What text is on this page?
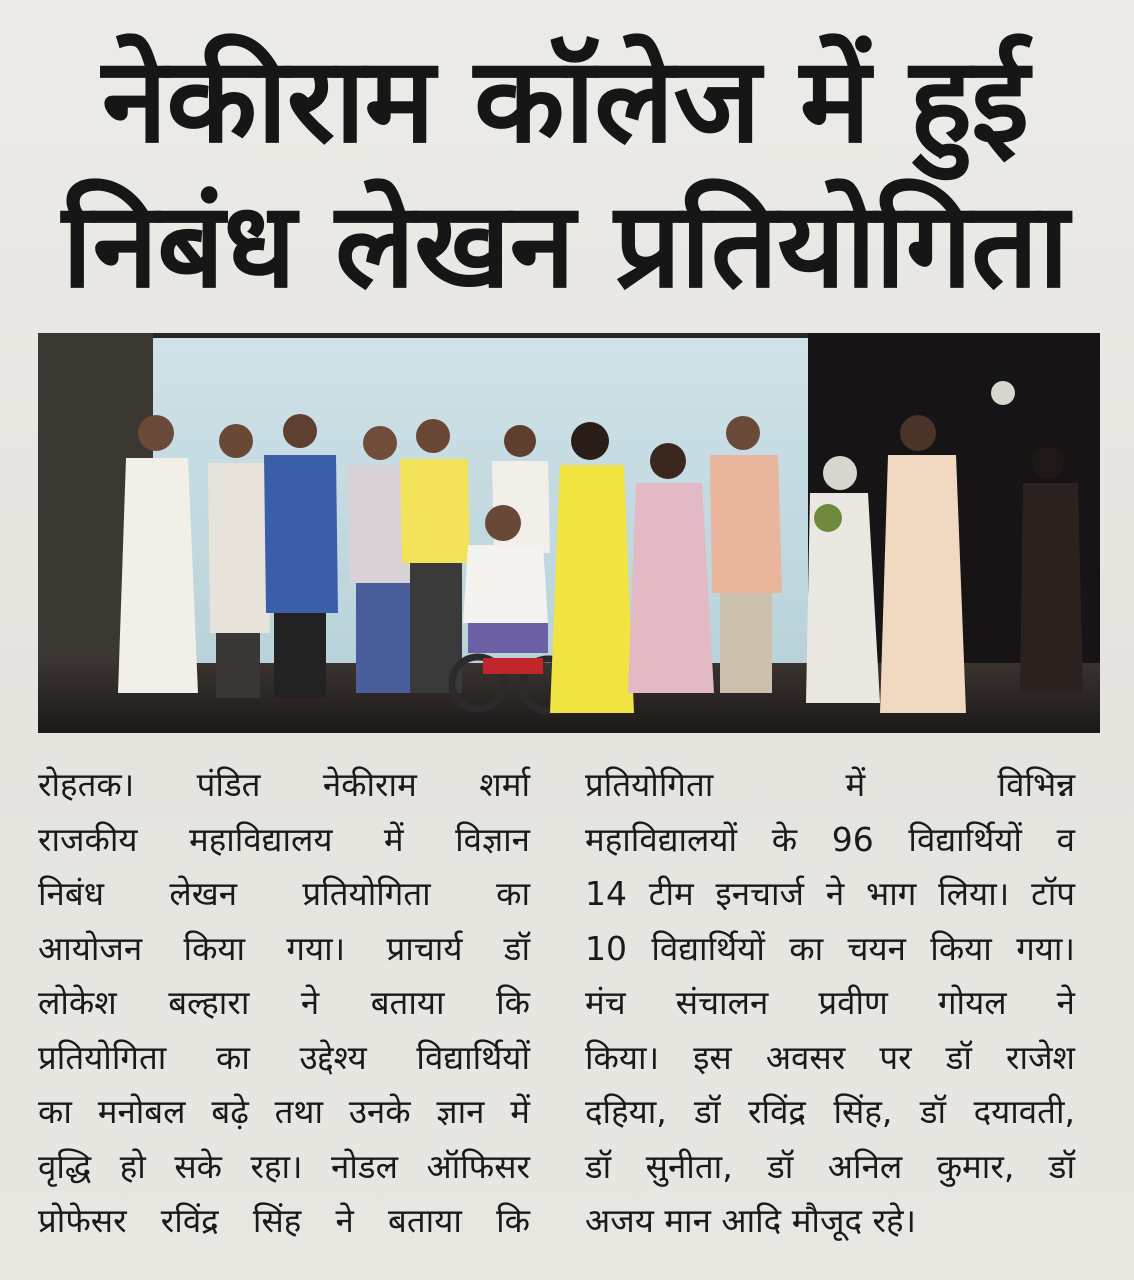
नेकीराम कॉलेज में हुई
निबंध लेखन प्रतियोगिता
रोहतक। पंडित नेकीराम शर्मा
राजकीय महाविद्यालय में विज्ञान
निबंध लेखन प्रतियोगिता का
आयोजन किया गया। प्राचार्य डॉ
लोकेश बल्हारा ने बताया कि
प्रतियोगिता का उद्देश्य विद्यार्थियों
का मनोबल बढ़े तथा उनके ज्ञान में
वृद्धि हो सके रहा। नोडल ऑफिसर
प्रोफेसर रविंद्र सिंह ने बताया कि
प्रतियोगिता में विभिन्न
महाविद्यालयों के 96 विद्यार्थियों व
14 टीम इनचार्ज ने भाग लिया। टॉप
10 विद्यार्थियों का चयन किया गया।
मंच संचालन प्रवीण गोयल ने
किया। इस अवसर पर डॉ राजेश
दहिया, डॉ रविंद्र सिंह, डॉ दयावती,
डॉ सुनीता, डॉ अनिल कुमार, डॉ
अजय मान आदि मौजूद रहे।
